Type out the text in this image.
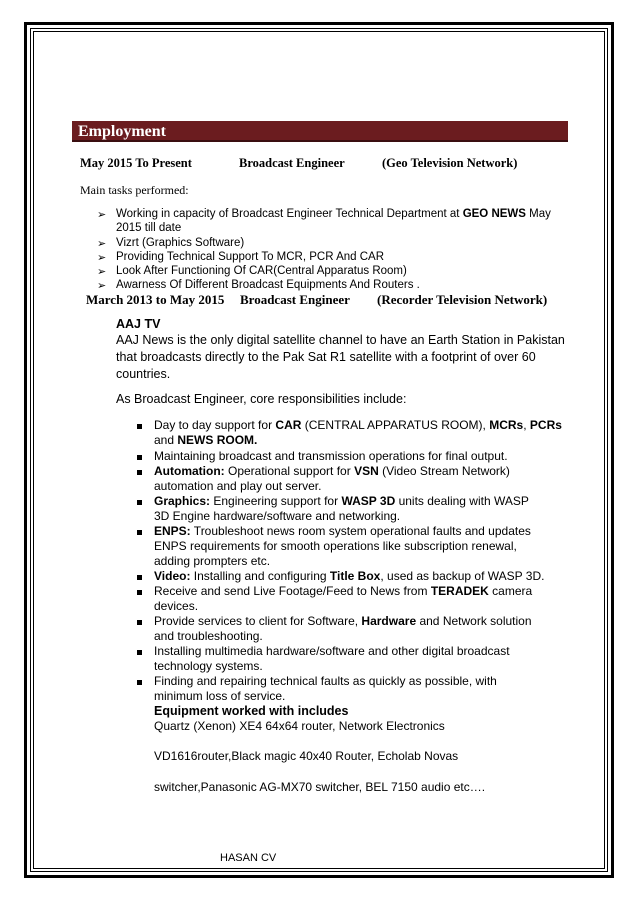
Employment
May 2015 To Present	Broadcast Engineer	(Geo Television Network)
Main tasks performed:
➢ Working in capacity of Broadcast Engineer Technical Department at GEO NEWS May
2015 till date
➢ Vizrt (Graphics Software)
➢ Providing Technical Support To MCR, PCR And CAR
➢ Look After Functioning Of CAR(Central Apparatus Room)
➢ Awarness Of Different Broadcast Equipments And Routers .
March 2013 to May 2015 Broadcast Engineer (Recorder Television Network)
AAJ TV
AAJ News is the only digital satellite channel to have an Earth Station in Pakistan
that broadcasts directly to the Pak Sat R1 satellite with a footprint of over 60
countries.
As Broadcast Engineer, core responsibilities include:
Day to day support for CAR (CENTRAL APPARATUS ROOM), MCRs, PCRs
and NEWS ROOM.
Maintaining broadcast and transmission operations for final output.
Automation: Operational support for VSN (Video Stream Network)
automation and play out server.
Graphics: Engineering support for WASP 3D units dealing with WASP
3D Engine hardware/software and networking.
ENPS: Troubleshoot news room system operational faults and updates
ENPS requirements for smooth operations like subscription renewal,
adding prompters etc.
Video: Installing and configuring Title Box, used as backup of WASP 3D.
Receive and send Live Footage/Feed to News from TERADEK camera
devices.
Provide services to client for Software, Hardware and Network solution
and troubleshooting.
Installing multimedia hardware/software and other digital broadcast
technology systems.
Finding and repairing technical faults as quickly as possible, with
minimum loss of service.
Equipment worked with includes
Quartz (Xenon) XE4 64x64 router, Network Electronics
VD1616router,Black magic 40x40 Router, Echolab Novas
switcher,Panasonic AG-MX70 switcher, BEL 7150 audio etc….
HASAN CV
